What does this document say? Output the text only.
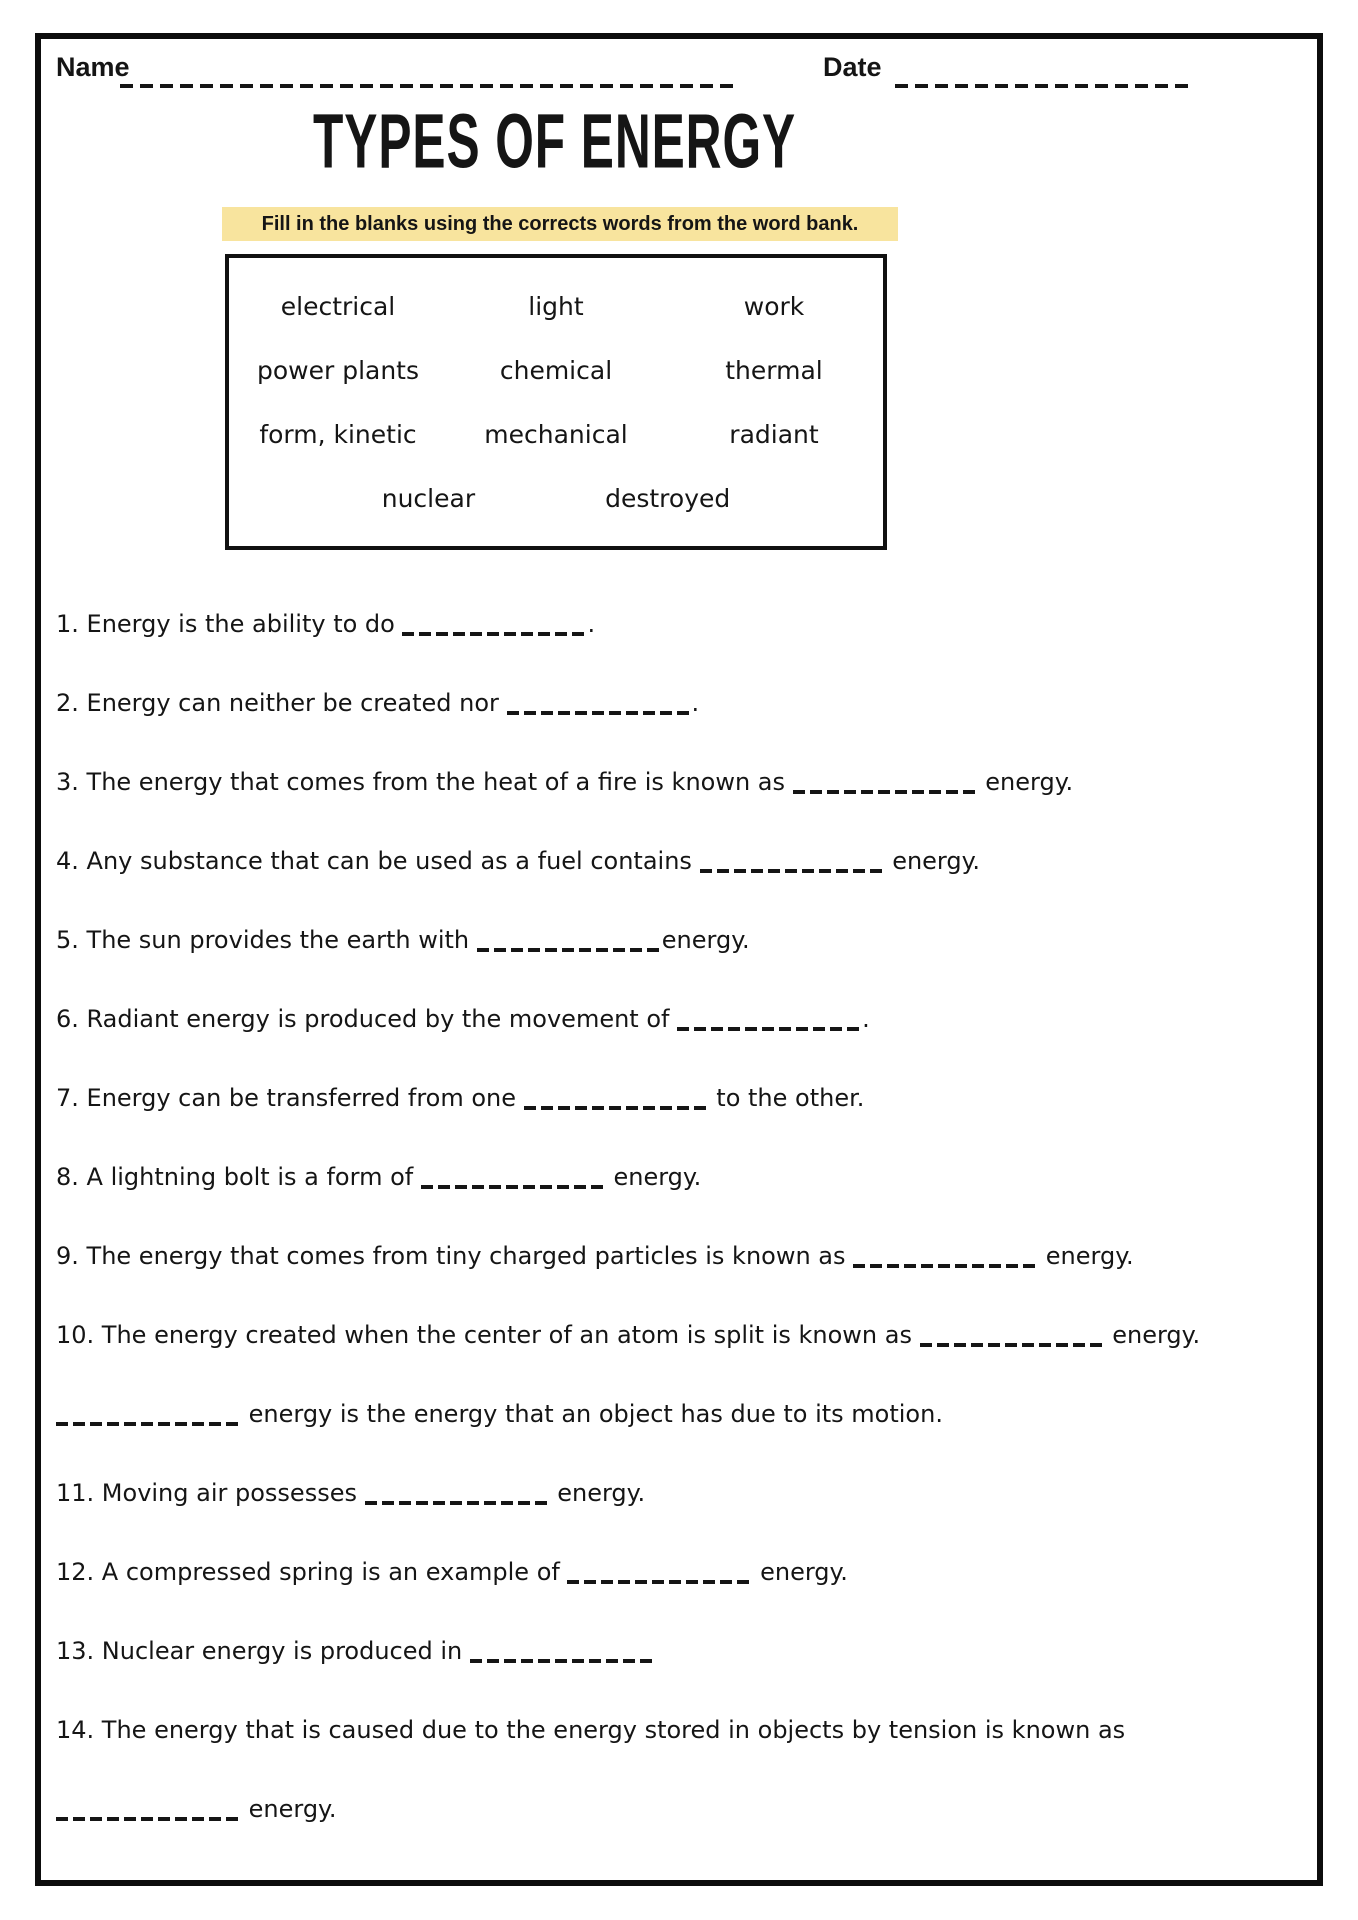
Name	Date
TYPES OF ENERGY
Fill in the blanks using the corrects words from the word bank.
electrical	light	work
power plants	chemical	thermal
form, kinetic	mechanical	radiant
nuclear	destroyed
1. Energy is the ability to do	.
2. Energy can neither be created nor	.
3. The energy that comes from the heat of a fire is known as	energy.
4. Any substance that can be used as a fuel contains	energy.
5. The sun provides the earth with	energy.
6. Radiant energy is produced by the movement of	.
7. Energy can be transferred from one	to the other.
8. A lightning bolt is a form of	energy.
9. The energy that comes from tiny charged particles is known as	energy.
10. The energy created when the center of an atom is split is known as	energy.
energy is the energy that an object has due to its motion.
11. Moving air possesses	energy.
12. A compressed spring is an example of	energy.
13. Nuclear energy is produced in
14. The energy that is caused due to the energy stored in objects by tension is known as
energy.
